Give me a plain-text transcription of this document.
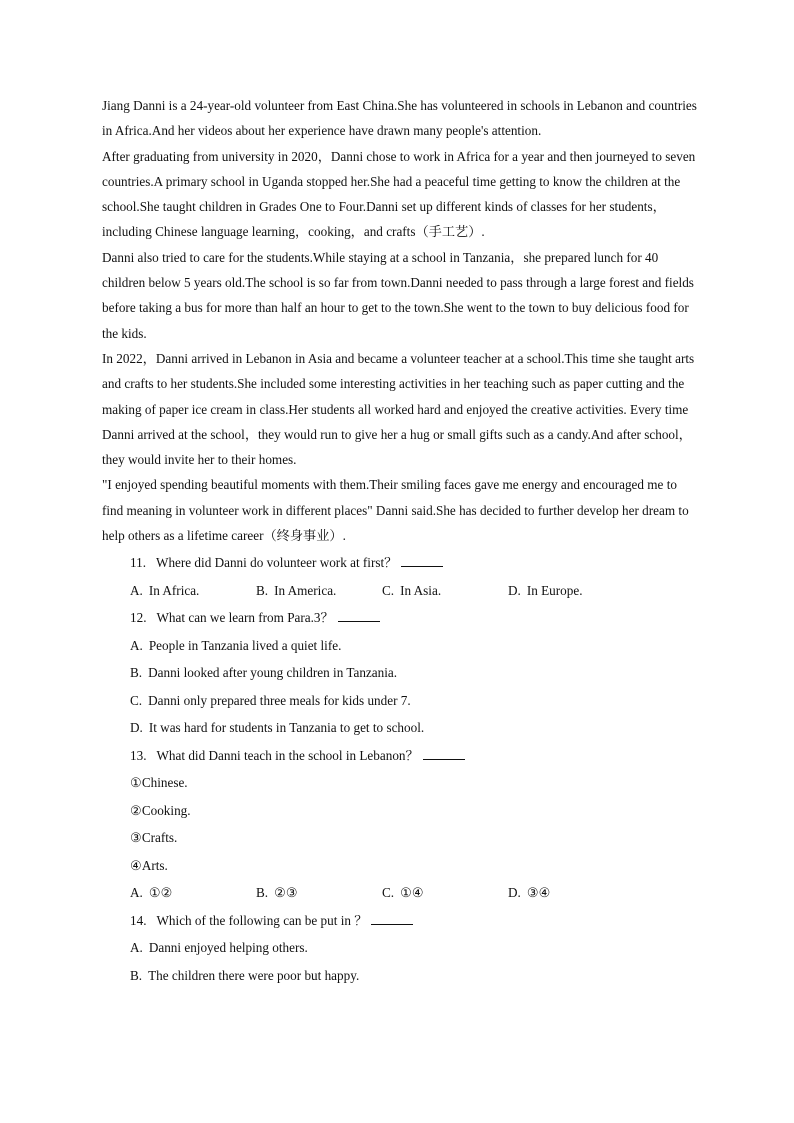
Jiang Danni is a 24-year-old volunteer from East China.She has volunteered in schools in Lebanon and countries in Africa.And her videos about her experience have drawn many people's attention.

After graduating from university in 2020，Danni chose to work in Africa for a year and then journeyed to seven countries.A primary school in Uganda stopped her.She had a peaceful time getting to know the children at the school.She taught children in Grades One to Four.Danni set up different kinds of classes for her students，including Chinese language learning，cooking，and crafts（手工艺）.

Danni also tried to care for the students.While staying at a school in Tanzania，she prepared lunch for 40 children below 5 years old.The school is so far from town.Danni needed to pass through a large forest and fields before taking a bus for more than half an hour to get to the town.She went to the town to buy delicious food for the kids.

In 2022，Danni arrived in Lebanon in Asia and became a volunteer teacher at a school.This time she taught arts and crafts to her students.She included some interesting activities in her teaching such as paper cutting and the making of paper ice cream in class.Her students all worked hard and enjoyed the creative activities. Every time Danni arrived at the school，they would run to give her a hug or small gifts such as a candy.And after school，they would invite her to their homes.

"I enjoyed spending beautiful moments with them.Their smiling faces gave me energy and encouraged me to find meaning in volunteer work in different places" Danni said.She has decided to further develop her dream to help others as a lifetime career（终身事业）.

11. Where did Danni do volunteer work at first？

A. In Africa.	B. In America.	C. In Asia.	D. In Europe.

12. What can we learn from Para.3？

A. People in Tanzania lived a quiet life.

B. Danni looked after young children in Tanzania.

C. Danni only prepared three meals for kids under 7.

D. It was hard for students in Tanzania to get to school.

13. What did Danni teach in the school in Lebanon？

①Chinese.

②Cooking.

③Crafts.

④Arts.

A. ①②	B. ②③	C. ①④	D. ③④

14. Which of the following can be put in ？

A. Danni enjoyed helping others.

B. The children there were poor but happy.
